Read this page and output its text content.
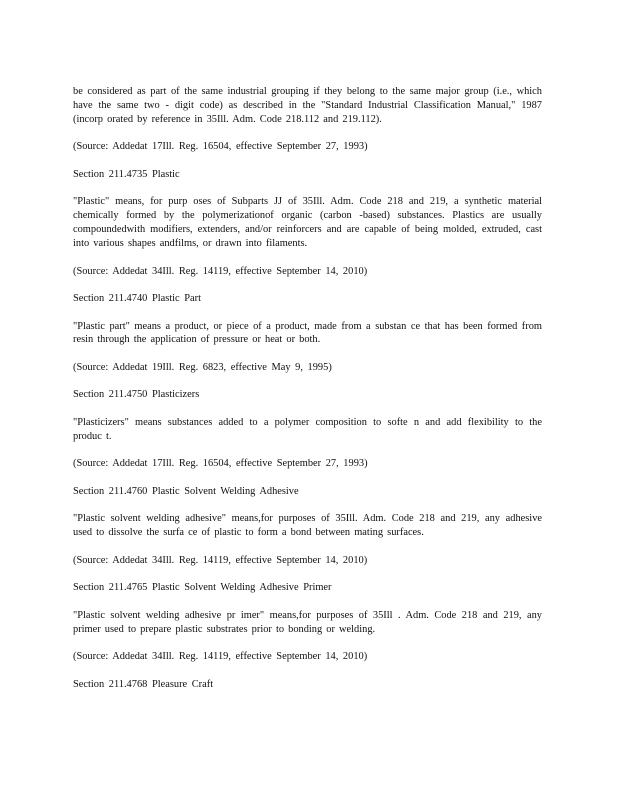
be considered as part of the same industrial grouping if they belong to the same major group (i.e., which have the same two - digit code) as described in the "Standard Industrial Classification Manual," 1987 (incorp orated by reference in 35Ill. Adm. Code 218.112 and 219.112).

(Source: Addedat 17Ill. Reg. 16504, effective September 27, 1993)

Section 211.4735 Plastic

"Plastic" means, for purp oses of Subparts JJ of 35Ill. Adm. Code 218 and 219, a synthetic material chemically formed by the polymerizationof organic (carbon -based) substances. Plastics are usually compoundedwith modifiers, extenders, and/or reinforcers and are capable of being molded, extruded, cast into various shapes andfilms, or drawn into filaments.

(Source: Addedat 34Ill. Reg. 14119, effective September 14, 2010)

Section 211.4740 Plastic Part

"Plastic part" means a product, or piece of a product, made from a substan ce that has been formed from resin through the application of pressure or heat or both.

(Source: Addedat 19Ill. Reg. 6823, effective May 9, 1995)

Section 211.4750 Plasticizers

"Plasticizers" means substances added to a polymer composition to softe n and add flexibility to the produc t.

(Source: Addedat 17Ill. Reg. 16504, effective September 27, 1993)

Section 211.4760 Plastic Solvent Welding Adhesive

"Plastic solvent welding adhesive" means,for purposes of 35Ill. Adm. Code 218 and 219, any adhesive used to dissolve the surfa ce of plastic to form a bond between mating surfaces.

(Source: Addedat 34Ill. Reg. 14119, effective September 14, 2010)

Section 211.4765 Plastic Solvent Welding Adhesive Primer

"Plastic solvent welding adhesive pr imer" means,for purposes of 35Ill . Adm. Code 218 and 219, any primer used to prepare plastic substrates prior to bonding or welding.

(Source: Addedat 34Ill. Reg. 14119, effective September 14, 2010)

Section 211.4768 Pleasure Craft
